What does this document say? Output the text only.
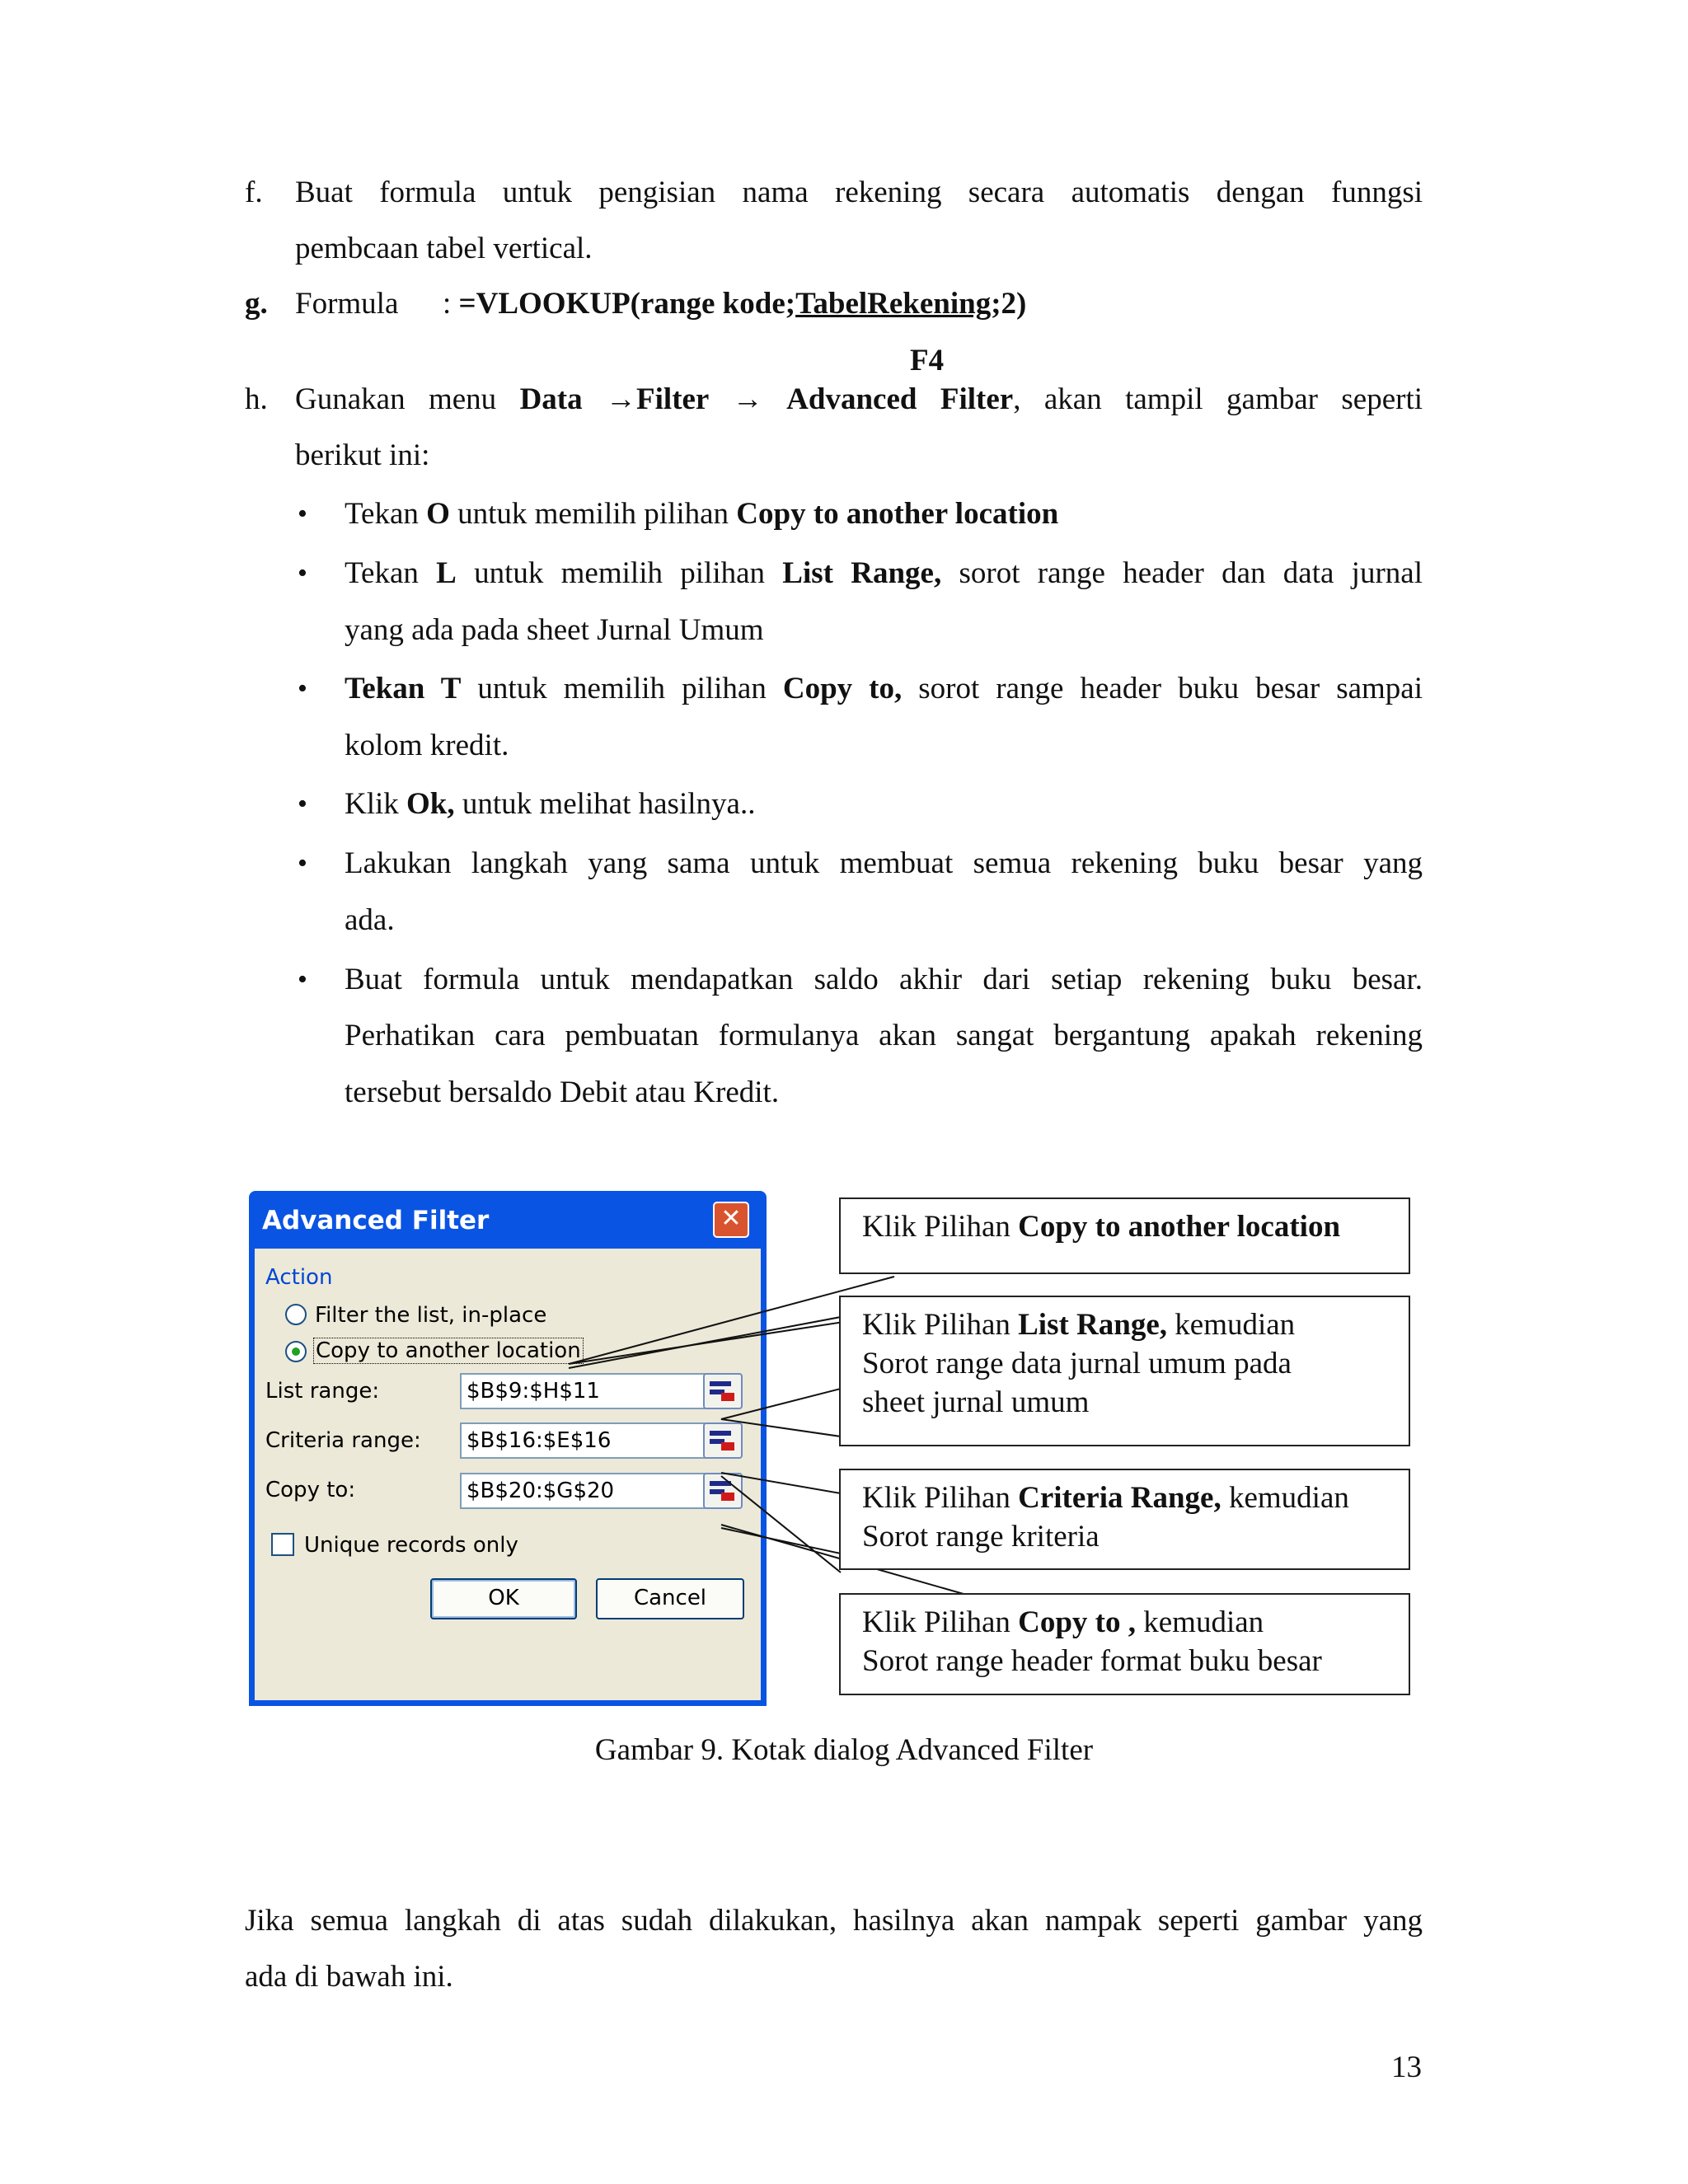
f. Buat formula untuk pengisian nama rekening secara automatis dengan funngsi
pembcaan tabel vertical.
g. Formula : =VLOOKUP(range kode;TabelRekening;2)
F4
h. Gunakan menu Data →Filter → Advanced Filter, akan tampil gambar seperti
berikut ini:
• Tekan O untuk memilih pilihan Copy to another location
• Tekan L untuk memilih pilihan List Range, sorot range header dan data jurnal
yang ada pada sheet Jurnal Umum
• Tekan T untuk memilih pilihan Copy to, sorot range header buku besar sampai
kolom kredit.
• Klik Ok, untuk melihat hasilnya..
• Lakukan langkah yang sama untuk membuat semua rekening buku besar yang
ada.
• Buat formula untuk mendapatkan saldo akhir dari setiap rekening buku besar.
Perhatikan cara pembuatan formulanya akan sangat bergantung apakah rekening
tersebut bersaldo Debit atau Kredit.
Advanced Filter	✕
Action
Filter the list, in-place
Copy to another location
List range:	$B$9:$H$11
Criteria range:	$B$16:$E$16
Copy to:	$B$20:$G$20
Unique records only
OK	Cancel
Klik Pilihan Copy to another location
Klik Pilihan List Range, kemudian
Sorot range data jurnal umum pada
sheet jurnal umum
Klik Pilihan Criteria Range, kemudian
Sorot range kriteria
Klik Pilihan Copy to , kemudian
Sorot range header format buku besar
Gambar 9. Kotak dialog Advanced Filter
Jika semua langkah di atas sudah dilakukan, hasilnya akan nampak seperti gambar yang
ada di bawah ini.
13
